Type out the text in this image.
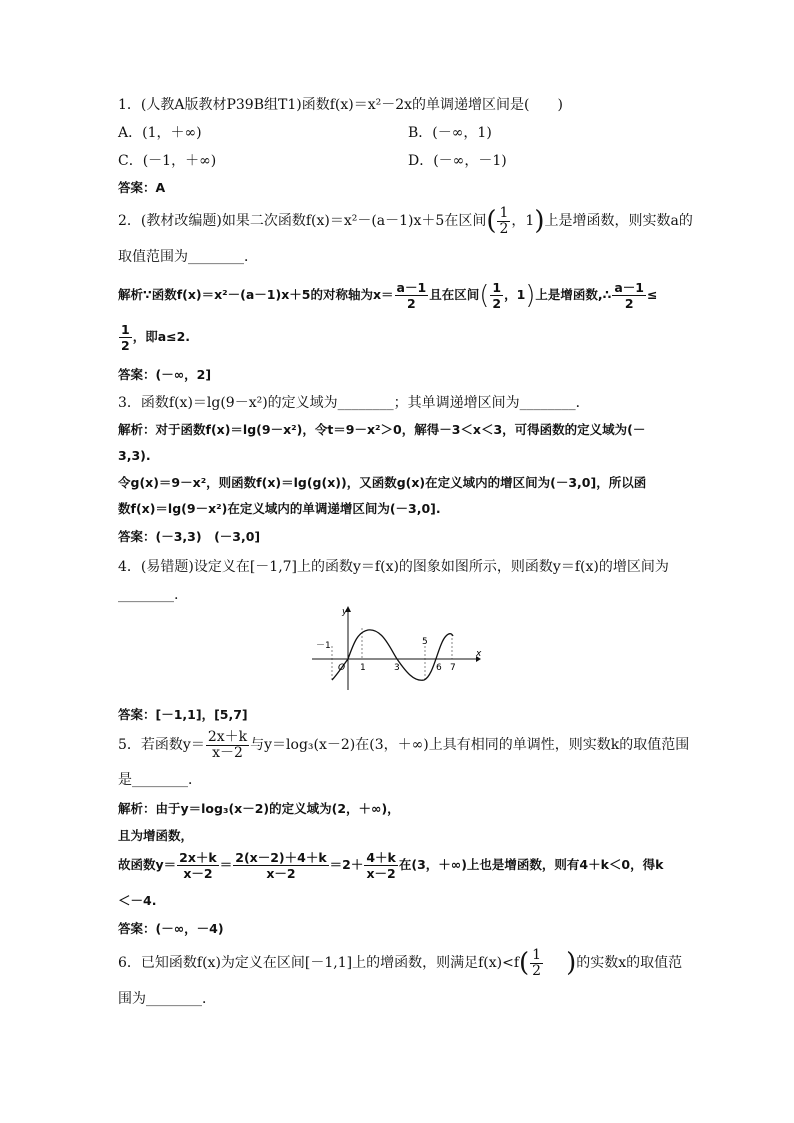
1．(人教A版教材P39B组T1)函数f(x)＝x²－2x的单调递增区间是(　　)
A．(1，＋∞)	B．(－∞，1)
C．(－1，＋∞)	D．(－∞，－1)
答案：A
2．(教材改编题)如果二次函数f(x)＝x²－(a－1)x＋5在区间( $\frac{1}{2}$ ，1)上是增函数，则实数a的
取值范围为________．
解析∵函数f(x)＝x²－(a－1)x＋5的对称轴为$x= \frac{a-1}{2}$ 且在区间( $\frac{1}{2}$ ，1)上是增函数,∴ $\frac{a-1}{2}$ ≤
$\frac{1}{2}$ ，即a≤2.
答案：(－∞，2]
3．函数f(x)＝lg(9－x²)的定义域为________；其单调递增区间为________．
解析：对于函数f(x)＝lg(9－x²)，令t＝9－x²＞0，解得－3＜x＜3，可得函数的定义域为(－
3,3).
令g(x)＝9－x²，则函数f(x)＝lg(g(x))，又函数g(x)在定义域内的增区间为(－3,0]，所以函
数f(x)＝lg(9－x²)在定义域内的单调递增区间为(－3,0].
答案：(－3,3)　(－3,0]
4．(易错题)设定义在[－1,7]上的函数y＝f(x)的图象如图所示，则函数y＝f(x)的增区间为
________.
y
x
－1
O 1	3
5
6 7
答案：[－1,1]，[5,7]
5．若函数$y= \frac{2x+k}{x-2}$ 与y＝log₃(x－2)在(3，＋∞)上具有相同的单调性，则实数k的取值范围
是________．
解析：由于y＝log₃(x－2)的定义域为(2，＋∞)，
且为增函数，
故函数$y= \frac{2x+k}{x-2} = \frac{2(x-2)+4+k}{x-2} =2+ \frac{4+k}{x-2}$ 在(3，＋∞)上也是增函数，则有4＋k＜0，得k
＜－4.
答案：(－∞，－4)
6．已知函数f(x)为定义在区间[－1,1]上的增函数，则满足$f(x)<f( \frac{1}{2}$ )的实数x的取值范
围为________．
